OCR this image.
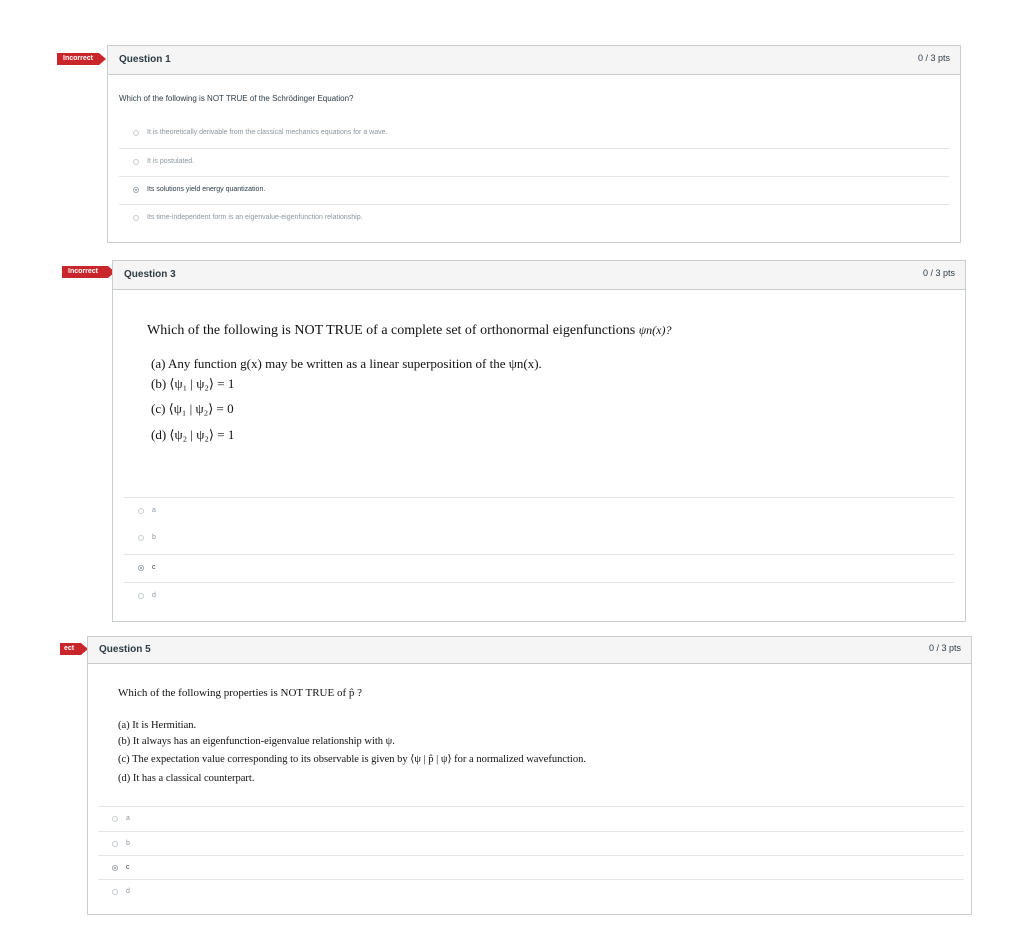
Incorrect	Question 1	0 / 3 pts
Which of the following is NOT TRUE of the Schrödinger Equation?
It is theoretically derivable from the classical mechanics equations for a wave.
It is postulated.
Its solutions yield energy quantization.
Its time-independent form is an eigenvalue-eigenfunction relationship.
Incorrect	Question 3	0 / 3 pts
Which of the following is NOT TRUE of a complete set of orthonormal eigenfunctions ψn(x)?
(a) Any function g(x) may be written as a linear superposition of the ψn(x).
(b) ⟨ψ₁ | ψ₂⟩ = 1
(c) ⟨ψ₁ | ψ₂⟩ = 0
(d) ⟨ψ₂ | ψ₂⟩ = 1
a
b
c
d
ect	Question 5	0 / 3 pts
Which of the following properties is NOT TRUE of p̂ ?
(a) It is Hermitian.
(b) It always has an eigenfunction-eigenvalue relationship with ψ.
(c) The expectation value corresponding to its observable is given by ⟨ψ | p̂ | ψ⟩ for a normalized wavefunction.
(d) It has a classical counterpart.
a
b
c
d
